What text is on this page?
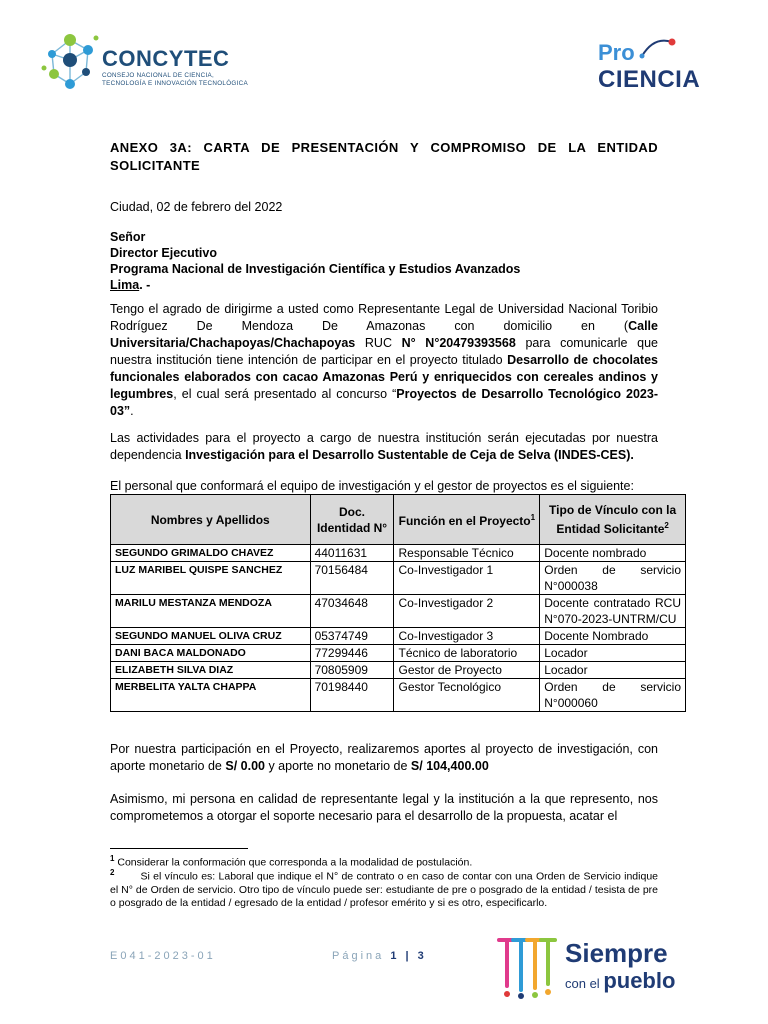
CONCYTEC
CONSEJO NACIONAL DE CIENCIA,
TECNOLOGÍA E INNOVACIÓN TECNOLÓGICA
Pro
CIENCIA
ANEXO 3A: CARTA DE PRESENTACIÓN Y COMPROMISO DE LA ENTIDAD SOLICITANTE
Ciudad, 02 de febrero del 2022
Señor
Director Ejecutivo
Programa Nacional de Investigación Científica y Estudios Avanzados
Lima. -
Tengo el agrado de dirigirme a usted como Representante Legal de Universidad Nacional Toribio Rodríguez De Mendoza De Amazonas con domicilio en (Calle Universitaria/Chachapoyas/Chachapoyas RUC N° N°20479393568 para comunicarle que nuestra institución tiene intención de participar en el proyecto titulado Desarrollo de chocolates funcionales elaborados con cacao Amazonas Perú y enriquecidos con cereales andinos y legumbres, el cual será presentado al concurso “Proyectos de Desarrollo Tecnológico 2023-03”.
Las actividades para el proyecto a cargo de nuestra institución serán ejecutadas por nuestra dependencia Investigación para el Desarrollo Sustentable de Ceja de Selva (INDES-CES).
El personal que conformará el equipo de investigación y el gestor de proyectos es el siguiente:
Nombres y Apellidos	Doc. Identidad N°	Función en el Proyecto$^1$	Tipo de Vínculo con la Entidad Solicitante$^2$
SEGUNDO GRIMALDO CHAVEZ	44011631	Responsable Técnico	Docente nombrado
LUZ MARIBEL QUISPE SANCHEZ	70156484	Co-Investigador 1	Orden de servicio N°000038
MARILU MESTANZA MENDOZA	47034648	Co-Investigador 2	Docente contratado RCU N°070-2023-UNTRM/CU
SEGUNDO MANUEL OLIVA CRUZ	05374749	Co-Investigador 3	Docente Nombrado
DANI BACA MALDONADO	77299446	Técnico de laboratorio	Locador
ELIZABETH SILVA DIAZ	70805909	Gestor de Proyecto	Locador
MERBELITA YALTA CHAPPA	70198440	Gestor Tecnológico	Orden de servicio N°000060
Por nuestra participación en el Proyecto, realizaremos aportes al proyecto de investigación, con aporte monetario de S/ 0.00 y aporte no monetario de S/ 104,400.00
Asimismo, mi persona en calidad de representante legal y la institución a la que represento, nos comprometemos a otorgar el soporte necesario para el desarrollo de la propuesta, acatar el
$^1$ Considerar la conformación que corresponda a la modalidad de postulación.
$^2$ Si el vínculo es: Laboral que indique el N° de contrato o en caso de contar con una Orden de Servicio indique el N° de Orden de servicio. Otro tipo de vínculo puede ser: estudiante de pre o posgrado de la entidad / tesista de pre o posgrado de la entidad / egresado de la entidad / profesor emérito y si es otro, especificarlo.
E041-2023-01	Página 1 | 3	Siempre
con el pueblo
